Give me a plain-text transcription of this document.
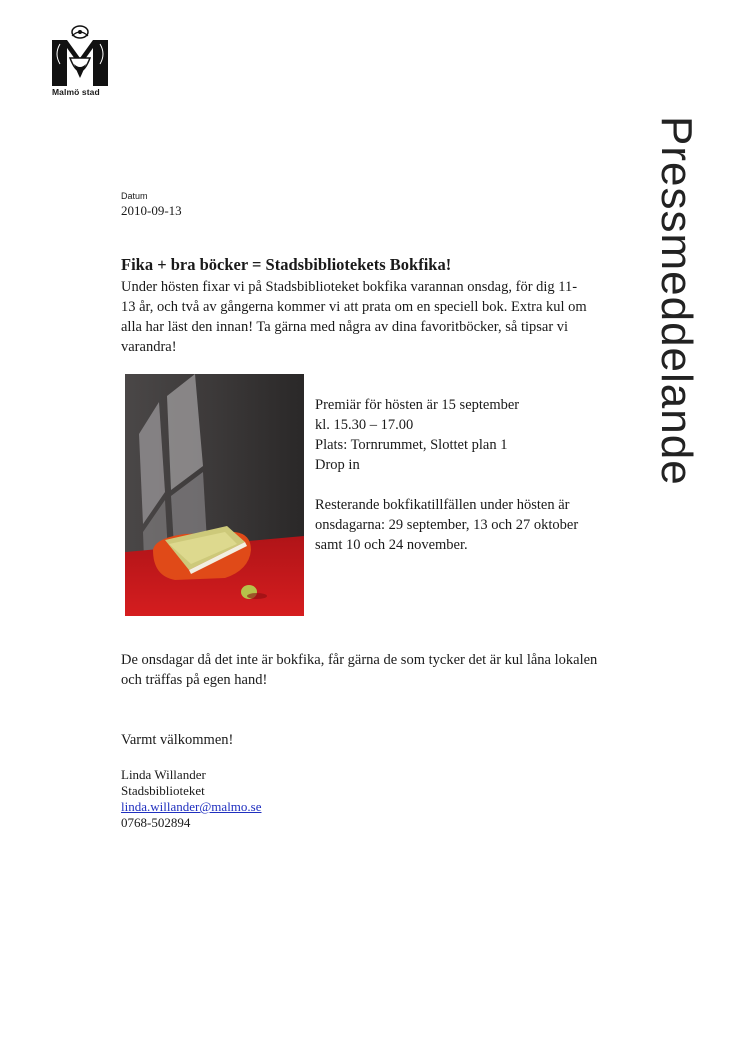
Malmö stad
Pressmeddelande
Datum
2010-09-13
Fika + bra böcker = Stadsbibliotekets Bokfika!

Under hösten fixar vi på Stadsbiblioteket bokfika varannan onsdag, för dig 11- 13 år, och två av gångerna kommer vi att prata om en speciell bok. Extra kul om alla har läst den innan! Ta gärna med några av dina favoritböcker, så tipsar vi varandra!

Premiär för hösten är 15 september

kl. 15.30 – 17.00

Plats: Tornrummet, Slottet plan 1

Drop in

Resterande bokfikatillfällen under hösten är onsdagarna: 29 september, 13 och 27 oktober samt 10 och 24 november.

De onsdagar då det inte är bokfika, får gärna de som tycker det är kul låna lokalen och träffas på egen hand!

Varmt välkommen!

Linda Willander
Stadsbiblioteket
linda.willander@malmo.se
0768-502894
